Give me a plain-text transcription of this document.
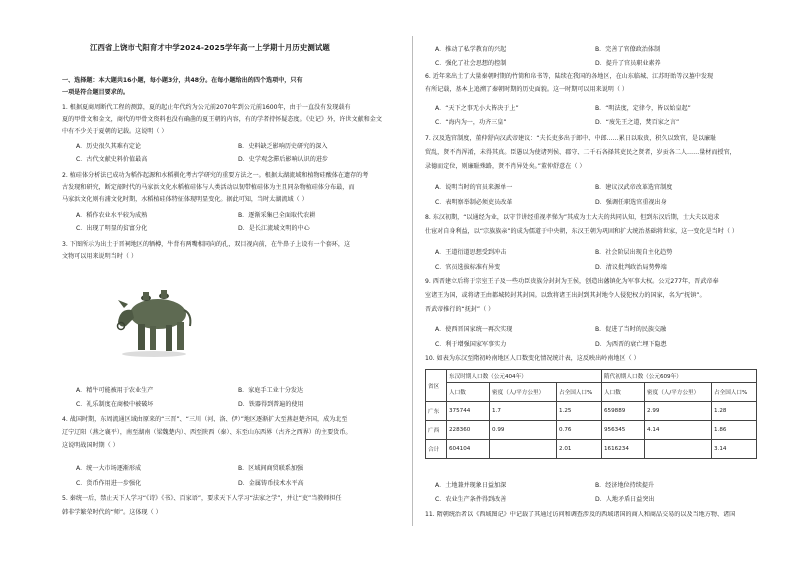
江西省上饶市弋阳育才中学2024-2025学年高一上学期十月历史测试题
一、选择题：本大题共16小题，每小题3分，共48分。在每小题给出的四个选项中，只有
一项是符合题目要求的。
1. 根据夏商周断代工程的测算，夏的起止年代约为公元前2070年到公元前1600年，由于一直没有发现载有
夏的甲骨文和金文，商代的甲骨文资料也没有确凿的夏王朝的内容，有的学者持怀疑态度。《史记》外，许世文献和金文
中有不少关于夏朝的记载。这说明（ ）
A．历史很久其难有定论	B．史料缺乏影响历史研究的深入
C．古代文献史料价值最高	D．史学观念滞后影响认识的进步
2. 植硅体分析法已成功为稻作起源和水稻驯化考古学研究的重要方法之一。根据太湖流域和植物硅酸体在遗存的考
古发现和研究，断定韶时代的马家浜文化水稻植硅体与人类活动以韧带植硅体为主且同杂物植硅体分布最，而
马家浜文化则有浦文化时期，水稻植硅体特征体现明显变化。据此可知，当时太湖流域（ ）
A．稻作农业水平较为成熟	B．逐渐采集已全面取代农耕
C．出现了明显的贫富分化	D．是长江流域文明的中心
3. 下图所示为出土于晋祠地区的牺樽，牛背有两嘴相同向的孔，双目视向前，在牛鼻子上设有一个套环，这
文物可以用来说明当时（ ）
A．精牛可能被用于农业生产	B．家庭手工业十分发达
C．礼乐制度在商极中被破坏	D．铁器得到普遍的使用
4. 战国时期，东周流通区域由原来的“三晋”、“三川（河、洛、伊）”地区逐渐扩大至燕赵楚齐国，成为北至
辽宁辽阳（燕之襄平），南至湖南（梁魏楚内）、西至陕西（秦）、东至山东西界（古齐之西界）的主要货币。
这说明战国时期（ ）
A．统一大市场逐渐形成	B．区域间商贸联系加强
C．货币作用进一步强化	D．金属铸币技术水平高
5. 秦统一后，禁止天下人学习“《诗》《书》、百家语”，要求天下人学习“法家之学”，并让“吏”当教师担任
韩非学繁荣时代的“师”。这体现（ ）
A．推动了私学教育的兴起	B．完善了官僚政治体制
C．强化了社会思想的控制	D．提升了官员职业素养
6. 近年来出土了大量秦朝时期的竹简和帛书等，陆续在我国的各地区，在山东临城、江苏盱眙等汉墓中发现
有所记载，基本上追溯了秦朝时期的历史面貌。这一时期可以用来说明（ ）
A．“天下之事无小大皆决于上”	B．“明法度，定律令，皆以始皇起”
C．“海内为一，功齐三皇”	D．“废先王之道，焚百家之言”
7. 汉及选官制度，董仲舒向汉武帝建议：“夫长吏多出于郎中、中郎……累日以取贵，积久以致官，是以廉耻
贸乱，贤不肖浑淆，未得其真。臣愚以为使诸列侯、郡守、二千石各择其吏民之贤者，岁贡各二人……量材而授官，
录德而定位，则廉耻殊路，贤不肖异处矣。”董仲舒意在（ ）
A．说明当时的官员来源单一	B．建议汉武帝改革选官制度
C．表明察举制必须吏员改革	D．强调任职选官重视出身
8. 东汉初期，“以通经为业，以守节讲经重视孝悌为”其成为士大夫的共同认知，但到东汉后期，士大夫以追求
仕宦对自身利益，以“宗族族亲”的成为儒道于中央朝，东汉王朝为巩固和扩大统治基础将世家，这一变化是当时（ ）
A．王道衍道思想受到冲击	B．社会阶层出现自主化趋势
C．官员选拔标准有异变	D．清议批判政治局势弊端
9. 西晋建立后将于宗室王子及一些功臣贵族分封封为王侯，创造出藩镇化为军事大权。公元277年，晋武帝奉
室诸王为国，或将诸王由都城转封其封国。以致将诸王出封到其封地令人侵犯权力的国家，名为“抚镇”。
晋武帝推行的“抚封”（ ）
A．使西晋国家统一再次实现	B．促进了当时的民族交融
C．利于增强国家军事实力	D．为西晋的衰亡埋下隐患
10. 如表为东汉至隋初岭南地区人口数变化情况统计表，这反映出岭南地区（ ）
省区	东汉时期人口数（公元404年）			隋代初期人口数（公元609年）		
	人口数	密度（人/平方公里）	占全国人口%	人口数	密度（人/平方公里）	占全国人口%
广东	375744	1.7	1.25	659889	2.99	1.28
广西	228360	0.99	0.76	956345	4.14	1.86
合计	604104		2.01	1616234		3.14
A．土地兼并现象日益加深	B．经济地位持续提升
C．农业生产条件得到改善	D．人地矛盾日益突出
11. 隋朝统治者以《西域图记》中记载了其通过访问和调查涉及的西域诸国的商人和商品交易的以及当地方物、诸国
